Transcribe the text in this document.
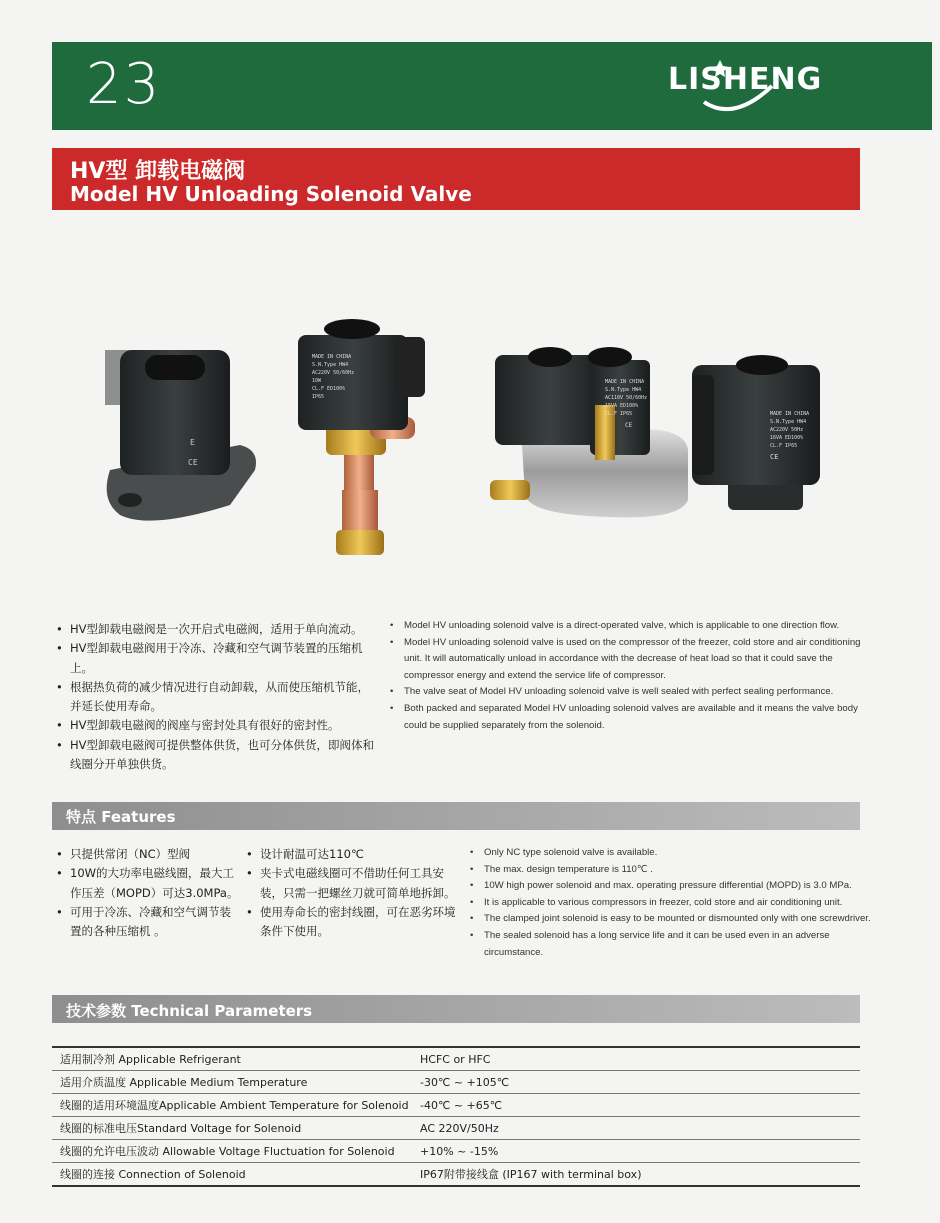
23	LISHENG
HV型 卸载电磁阀
Model HV Unloading Solenoid Valve
E
CE
MADE IN CHINA
S.N.Type HW4
AC220V 50/60Hz
10W
CL.F ED100%
IP65
MADE IN CHINA
S.N.Type HW4
AC110V 50/60Hz
15VA ED100%
CL.F IP65
CE
MADE IN CHINA
S.N.Type HW4
AC220V 50Hz
16VA ED100%
CL.F IP65
CE
• HV型卸载电磁阀是一次开启式电磁阀，适用于单向流动。
• HV型卸载电磁阀用于冷冻、冷藏和空气调节装置的压缩机上。
• 根据热负荷的减少情况进行自动卸载，从而使压缩机节能，并延长使用寿命。
• HV型卸载电磁阀的阀座与密封处具有很好的密封性。
• HV型卸载电磁阀可提供整体供货，也可分体供货，即阀体和线圈分开单独供货。
• Model HV unloading solenoid valve is a direct-operated valve, which is applicable to one direction flow.
• Model HV unloading solenoid valve is used on the compressor of the freezer, cold store and air conditioning unit. It will automatically unload in accordance with the decrease of heat load so that it could save the compressor energy and extend the service life of compressor.
• The valve seat of Model HV unloading solenoid valve is well sealed with perfect sealing performance.
• Both packed and separated Model HV unloading solenoid valves are available and it means the valve body could be supplied separately from the solenoid.
特点 Features
• 只提供常闭（NC）型阀
• 10W的大功率电磁线圈，最大工作压差（MOPD）可达3.0MPa。
• 可用于冷冻、冷藏和空气调节装置的各种压缩机 。
• 设计耐温可达110℃
• 夹卡式电磁线圈可不借助任何工具安装，只需一把螺丝刀就可简单地拆卸。
• 使用寿命长的密封线圈，可在恶劣环境条件下使用。
• Only NC type solenoid valve is available.
• The max. design temperature is 110℃ .
• 10W high power solenoid and max. operating pressure differential (MOPD) is 3.0 MPa.
• It is applicable to various compressors in freezer, cold store and air conditioning unit.
• The clamped joint solenoid is easy to be mounted or dismounted only with one screwdriver.
• The sealed solenoid has a long service life and it can be used even in an adverse circumstance.
技术参数 Technical Parameters
适用制冷剂 Applicable Refrigerant	HCFC or HFC
适用介质温度 Applicable Medium Temperature	-30℃ ~ +105℃
线圈的适用环境温度Applicable Ambient Temperature for Solenoid	-40℃ ~ +65℃
线圈的标准电压Standard Voltage for Solenoid	AC 220V/50Hz
线圈的允许电压波动 Allowable Voltage Fluctuation for Solenoid	+10% ~ -15%
线圈的连接 Connection of Solenoid	IP67附带接线盒 (IP167 with terminal box)
